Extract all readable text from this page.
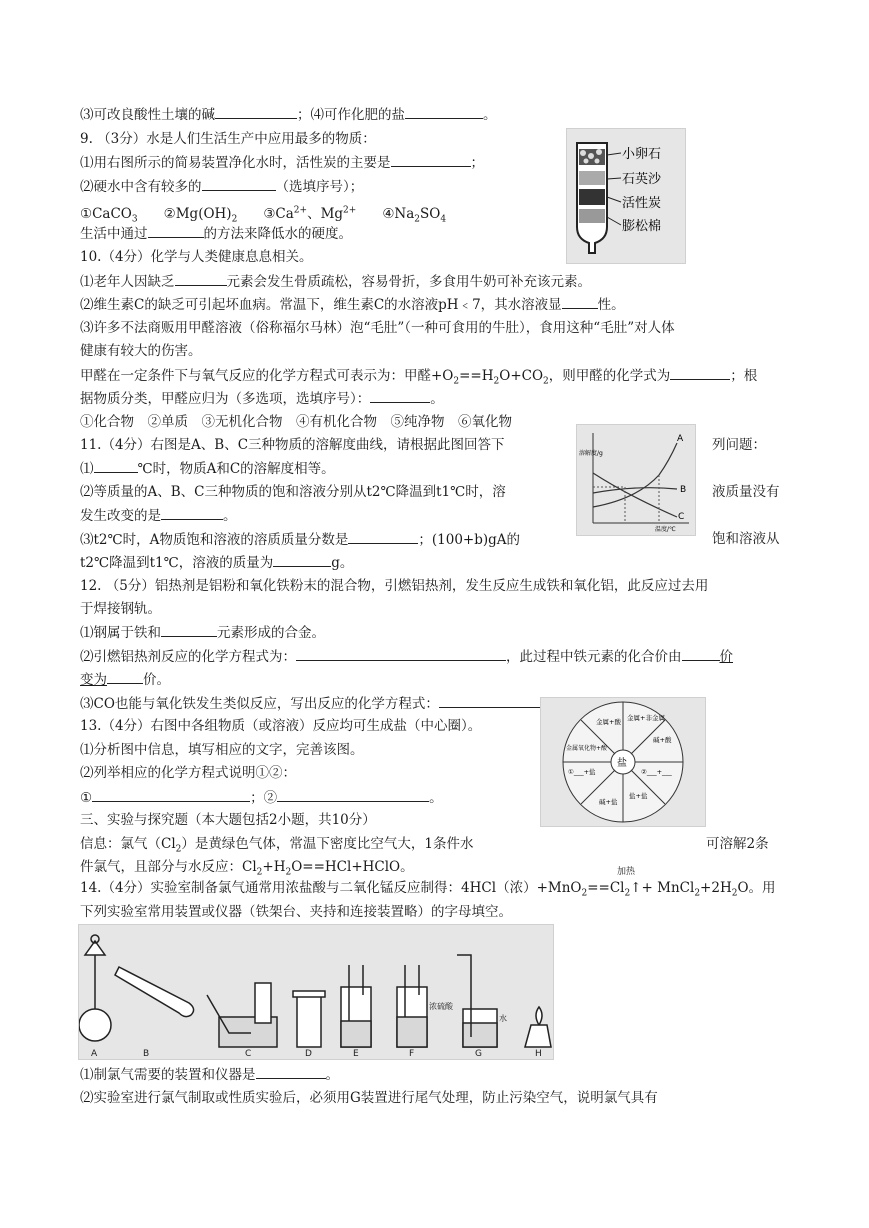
⑶可改良酸性土壤的碱	；⑷可作化肥的盐	。
9. （3分）水是人们生活生产中应用最多的物质：
⑴用右图所示的简易装置净化水时，活性炭的主要是	；
⑵硬水中含有较多的	（选填序号）；
①CaCO$_3$ $②Mg(OH)_2$ $③Ca^{2+}$、$Mg^{2+}$ $④Na_2SO_4$
生活中通过	的方法来降低水的硬度。
小卵石
石英沙
活性炭
膨松棉
10.（4分）化学与人类健康息息相关。
⑴老年人因缺乏	元素会发生骨质疏松，容易骨折，多食用牛奶可补充该元素。
⑵维生素C的缺乏可引起坏血病。常温下，维生素C的水溶液pH﹤7，其水溶液显	性。
⑶许多不法商贩用甲醛溶液（俗称福尔马林）泡“毛肚”（一种可食用的牛肚），食用这种“毛肚”对人体
健康有较大的伤害。
甲醛在一定条件下与氧气反应的化学方程式可表示为：甲醛$+O_2==H_2O+CO_2$，则甲醛的化学式为	；根
据物质分类，甲醛应归为（多选项，选填序号）：	。
①化合物　②单质　③无机化合物　④有机化合物　⑤纯净物　⑥氧化物
11.（4分）右图是A、B、C三种物质的溶解度曲线，请根据此图回答下	列问题：
⑴	℃时，物质A和C的溶解度相等。
⑵等质量的A、B、C三种物质的饱和溶液分别从t2℃降温到t1℃时，溶	液质量没有
发生改变的是	。
⑶t2℃时，A物质饱和溶液的溶质质量分数是	；(100+b)gA的	饱和溶液从
t2℃降温到t1℃，溶液的质量为	g。
溶解度/g
温度/℃
A
B
C
12. （5分）铝热剂是铝粉和氧化铁粉末的混合物，引燃铝热剂，发生反应生成铁和氧化铝，此反应过去用
于焊接钢轨。
⑴钢属于铁和	元素形成的合金。
⑵引燃铝热剂反应的化学方程式为：	，此过程中铁元素的化合价由	价
变为	价。
⑶CO也能与氧化铁发生类似反应，写出反应的化学方程式：
13.（4分）右图中各组物质（或溶液）反应均可生成盐（中心圈）。
⑴分析图中信息，填写相应的文字，完善该图。
⑵列举相应的化学方程式说明①②：
①	；②	。
盐
金属+酸 金属+非金属
碱+酸
②___+___
盐+盐
碱+盐
①___+盐
金属氧化物+酸
三、实验与探究题（本大题包括2小题，共10分）
信息：氯气$(Cl_2)$是黄绿色气体，常温下密度比空气大，1条件水	可溶解2条
件氯气，且部分与水反应：$Cl_2+H_2O==HCl+HClO$。	加热
14.（4分）实验室制备氯气通常用浓盐酸与二氧化锰反应制得：4HCl（浓）$+MnO_2==Cl_2↑+$ $MnCl_2+2H_2O$。用
下列实验室常用装置或仪器（铁架台、夹持和连接装置略）的字母填空。
浓硫酸
水
A	B	C	D	E	F	G	H
⑴制氯气需要的装置和仪器是	。
⑵实验室进行氯气制取或性质实验后，必须用G装置进行尾气处理，防止污染空气，说明氯气具有
